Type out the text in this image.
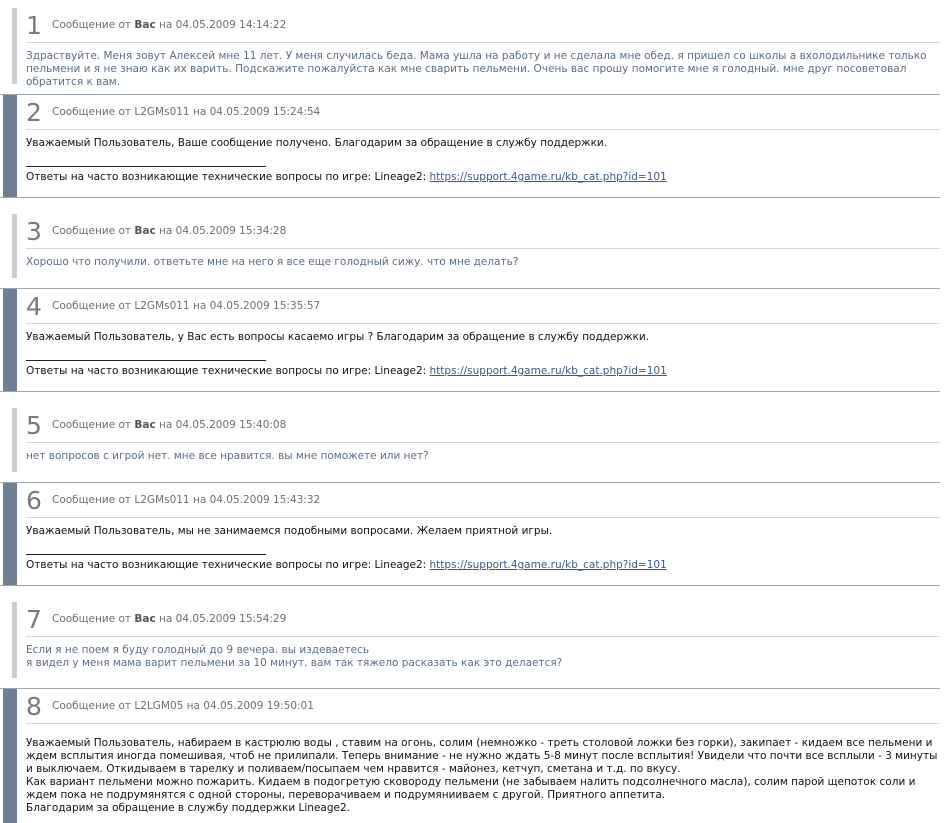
1 Сообщение от Вас на 04.05.2009 14:14:22

Здраствуйте. Меня зовут Алексей мне 11 лет. У меня случилась беда. Мама ушла на работу и не сделала мне обед. я пришел со школы а вхолодильнике только пельмени и я не знаю как их варить. Подскажите пожалуйста как мне сварить пельмени. Очень вас прошу помогите мне я голодный. мне друг посоветовал обратится к вам.

2 Сообщение от L2GMs011 на 04.05.2009 15:24:54

Уважаемый Пользователь, Ваше сообщение получено. Благодарим за обращение в службу поддержки.

Ответы на часто возникающие технические вопросы по игре: Lineage2: https://support.4game.ru/kb_cat.php?id=101

3 Сообщение от Вас на 04.05.2009 15:34:28

Хорошо что получили. ответьте мне на него я все еще голодный сижу. что мне делать?

4 Сообщение от L2GMs011 на 04.05.2009 15:35:57

Уважаемый Пользователь, у Вас есть вопросы касаемо игры ? Благодарим за обращение в службу поддержки.

Ответы на часто возникающие технические вопросы по игре: Lineage2: https://support.4game.ru/kb_cat.php?id=101

5 Сообщение от Вас на 04.05.2009 15:40:08

нет вопросов с игрой нет. мне все нравится. вы мне поможете или нет?

6 Сообщение от L2GMs011 на 04.05.2009 15:43:32

Уважаемый Пользователь, мы не занимаемся подобными вопросами. Желаем приятной игры.

Ответы на часто возникающие технические вопросы по игре: Lineage2: https://support.4game.ru/kb_cat.php?id=101

7 Сообщение от Вас на 04.05.2009 15:54:29

Если я не поем я буду голодный до 9 вечера. вы издеваетесь

я видел у меня мама варит пельмени за 10 минут. вам так тяжело расказать как это делается?

8 Сообщение от L2LGM05 на 04.05.2009 19:50:01

Уважаемый Пользователь, набираем в кастрюлю воды , ставим на огонь, солим (немножко - треть столовой ложки без горки), закипает - кидаем все пельмени и ждем всплытия иногда помешивая, чтоб не прилипали. Теперь внимание - не нужно ждать 5-8 минут после всплытия! Увидели что почти все всплыли - 3 минуты и выключаем. Откидываем в тарелку и поливаем/посыпаем чем нравится - майонез, кетчуп, сметана и т.д. по вкусу.

Как вариант пельмени можно пожарить. Кидаем в подогретую сковороду пельмени (не забываем налить подсолнечного масла), солим парой щепоток соли и ждем пока не подрумянятся с одной стороны, переворачиваем и подрумянииваем с другой. Приятного аппетита.

Благодарим за обращение в службу поддержки Lineage2.
